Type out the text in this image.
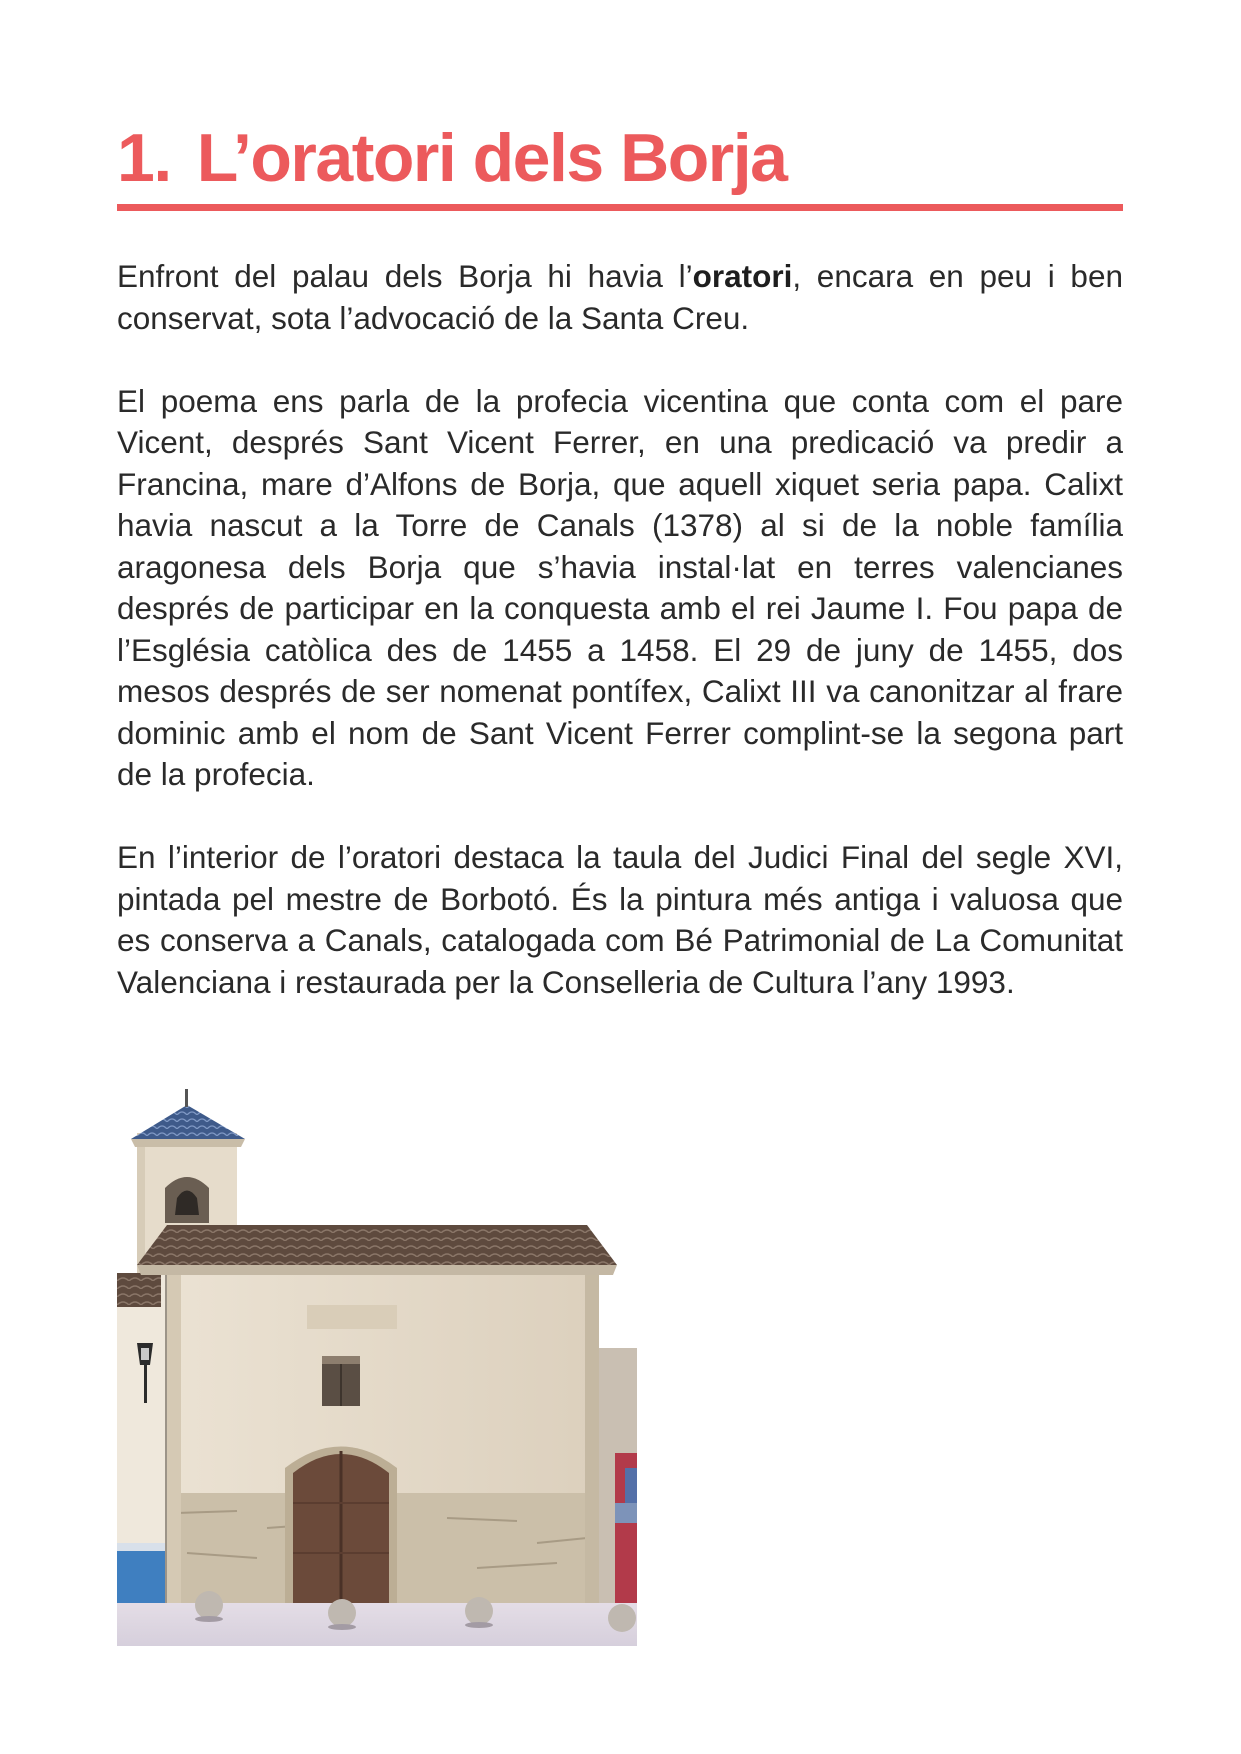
1. L’oratori dels Borja

Enfront del palau dels Borja hi havia l’oratori, encara en peu i ben conservat, sota l’advocació de la Santa Creu.

El poema ens parla de la profecia vicentina que conta com el pare Vicent, després Sant Vicent Ferrer, en una predicació va predir a Francina, mare d’Alfons de Borja, que aquell xiquet seria papa. Calixt havia nascut a la Torre de Canals (1378) al si de la noble família aragonesa dels Borja que s’havia instal·lat en terres valencianes després de participar en la conquesta amb el rei Jaume I. Fou papa de l’Església catòlica des de 1455 a 1458. El 29 de juny de 1455, dos mesos després de ser nomenat pontífex, Calixt III va canonitzar al frare dominic amb el nom de Sant Vicent Ferrer complint-se la segona part de la profecia.

En l’interior de l’oratori destaca la taula del Judici Final del segle XVI, pintada pel mestre de Borbotó. És la pintura més antiga i valuosa que es conserva a Canals, catalogada com Bé Patrimonial de La Comunitat Valenciana i restaurada per la Conselleria de Cultura l’any 1993.
